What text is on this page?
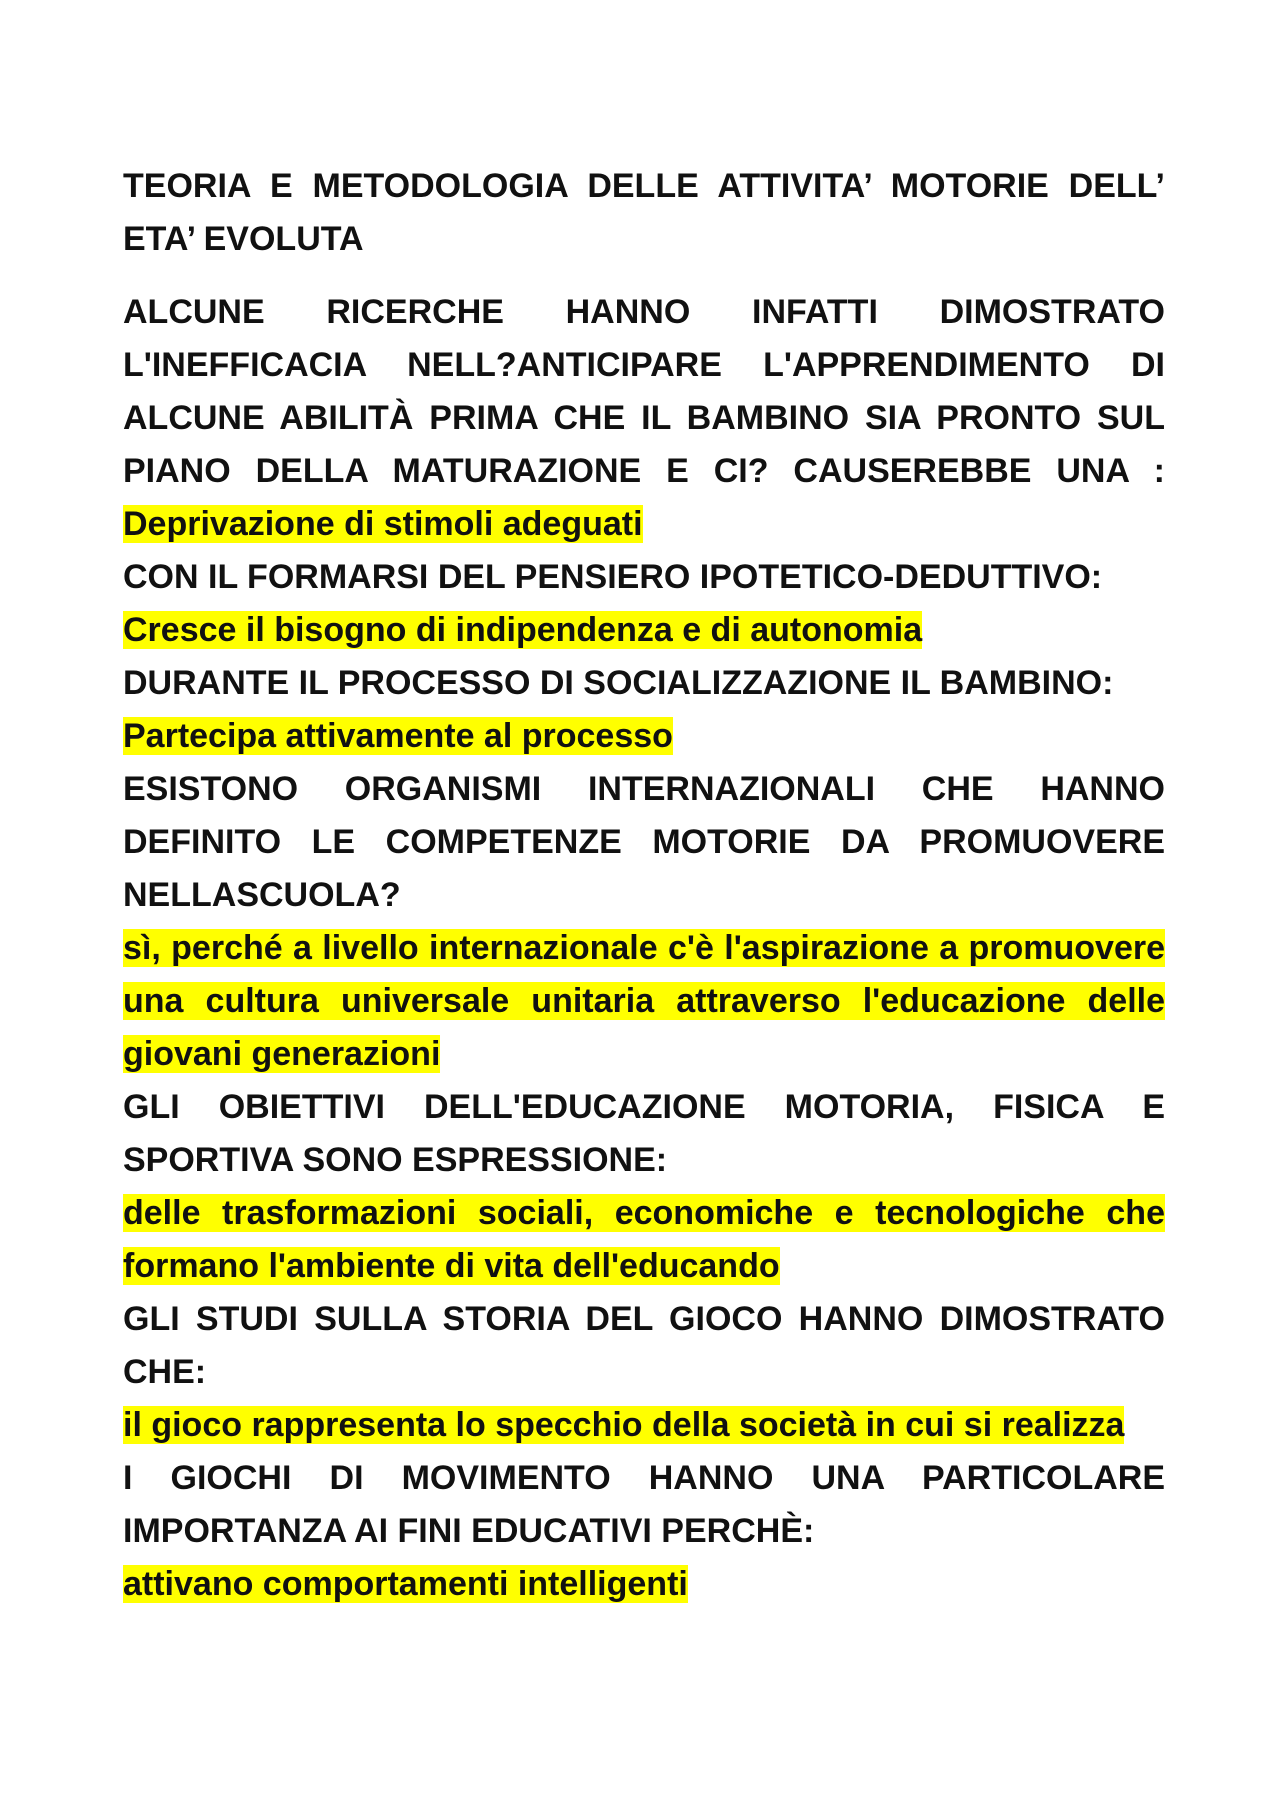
TEORIA E METODOLOGIA DELLE ATTIVITA’ MOTORIE DELL’ ETA’ EVOLUTA

ALCUNE RICERCHE HANNO INFATTI DIMOSTRATO L'INEFFICACIA NELL?ANTICIPARE L'APPRENDIMENTO DI ALCUNE ABILITÀ PRIMA CHE IL BAMBINO SIA PRONTO SUL PIANO DELLA MATURAZIONE E CI? CAUSEREBBE UNA : Deprivazione di stimoli adeguati

CON IL FORMARSI DEL PENSIERO IPOTETICO-DEDUTTIVO:

Cresce il bisogno di indipendenza e di autonomia

DURANTE IL PROCESSO DI SOCIALIZZAZIONE IL BAMBINO:

Partecipa attivamente al processo

ESISTONO ORGANISMI INTERNAZIONALI CHE HANNO DEFINITO LE COMPETENZE MOTORIE DA PROMUOVERE NELLASCUOLA?

sì, perché a livello internazionale c'è l'aspirazione a promuovere una cultura universale unitaria attraverso l'educazione delle giovani generazioni

GLI OBIETTIVI DELL'EDUCAZIONE MOTORIA, FISICA E SPORTIVA SONO ESPRESSIONE:

delle trasformazioni sociali, economiche e tecnologiche che formano l'ambiente di vita dell'educando

GLI STUDI SULLA STORIA DEL GIOCO HANNO DIMOSTRATO CHE:

il gioco rappresenta lo specchio della società in cui si realizza

I GIOCHI DI MOVIMENTO HANNO UNA PARTICOLARE IMPORTANZA AI FINI EDUCATIVI PERCHÈ:

attivano comportamenti intelligenti
